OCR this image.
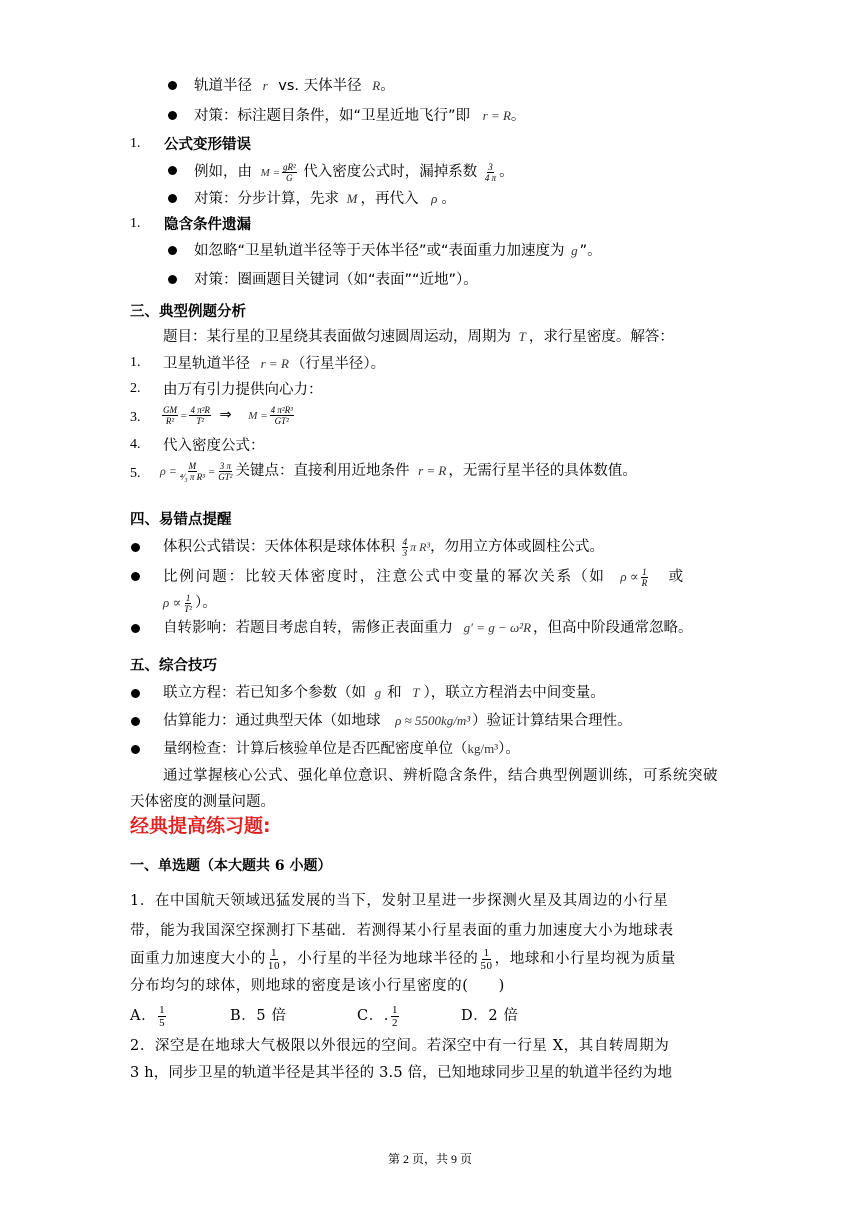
轨道半径 r vs. 天体半径 R。
对策：标注题目条件，如“卫星近地飞行”即 r = R。
1. 公式变形错误
例如，由 $M = \frac{\text{gR²}}{G}$ 代入密度公式时，漏掉系数 $\frac{3}{4 \pi}$ 。
对策：分步计算，先求 M ，再代入 ρ 。
1. 隐含条件遗漏
如忽略“卫星轨道半径等于天体半径”或“表面重力加速度为 g ”。
对策：圈画题目关键词（如“表面”“近地”）。
三、典型例题分析
题目：某行星的卫星绕其表面做匀速圆周运动，周期为 T ，求行星密度。解答：
1. 卫星轨道半径 r = R （行星半径）。
2. 由万有引力提供向心力：
3. $\frac{GM}{\text{R²}} = \frac{\text{4 π²R}}{\text{T²}}$ ⇒ $M = \frac{\text{4 π²R³}}{\text{GT²}}$
4. 代入密度公式：
5. $\rho = \frac{M}{\text{⁴⁄₃ π R³}} = \frac{3 \pi}{\text{GT²}}$ 关键点：直接利用近地条件 r = R ，无需行星半径的具体数值。
四、易错点提醒
体积公式错误：天体体积是球体体积 $\frac{4}{3}$ π R³，勿用立方体或圆柱公式。
比例问题：比较天体密度时，注意公式中变量的幂次关系（如 $\rho \propto \frac{1}{R}$ 或
$\rho \propto \frac{1}{\text{T²}}$ ）。
自转影响：若题目考虑自转，需修正表面重力 g′ = g − ω²R ，但高中阶段通常忽略。
五、综合技巧
联立方程：若已知多个参数（如 g 和 T ），联立方程消去中间变量。
估算能力：通过典型天体（如地球 ρ ≈ 5500kg/m³ ）验证计算结果合理性。
量纲检查：计算后核验单位是否匹配密度单位（kg/m³）。
通过掌握核心公式、强化单位意识、辨析隐含条件，结合典型例题训练，可系统突破
天体密度的测量问题。
经典提高练习题:
一、单选题（本大题共 6 小题）
1．在中国航天领域迅猛发展的当下，发射卫星进一步探测火星及其周边的小行星
带，能为我国深空探测打下基础．若测得某小行星表面的重力加速度大小为地球表
面重力加速度大小的 $\frac{1}{10}$ ，小行星的半径为地球半径的 $\frac{1}{50}$ ，地球和小行星均视为质量
分布均匀的球体，则地球的密度是该小行星密度的(　　)
A． $\frac{1}{5}$	B．5 倍	C．. $\frac{1}{2}$	D．2 倍
2．深空是在地球大气极限以外很远的空间。若深空中有一行星 X，其自转周期为
3 h，同步卫星的轨道半径是其半径的 3.5 倍，已知地球同步卫星的轨道半径约为地
第 2 页，共 9 页
